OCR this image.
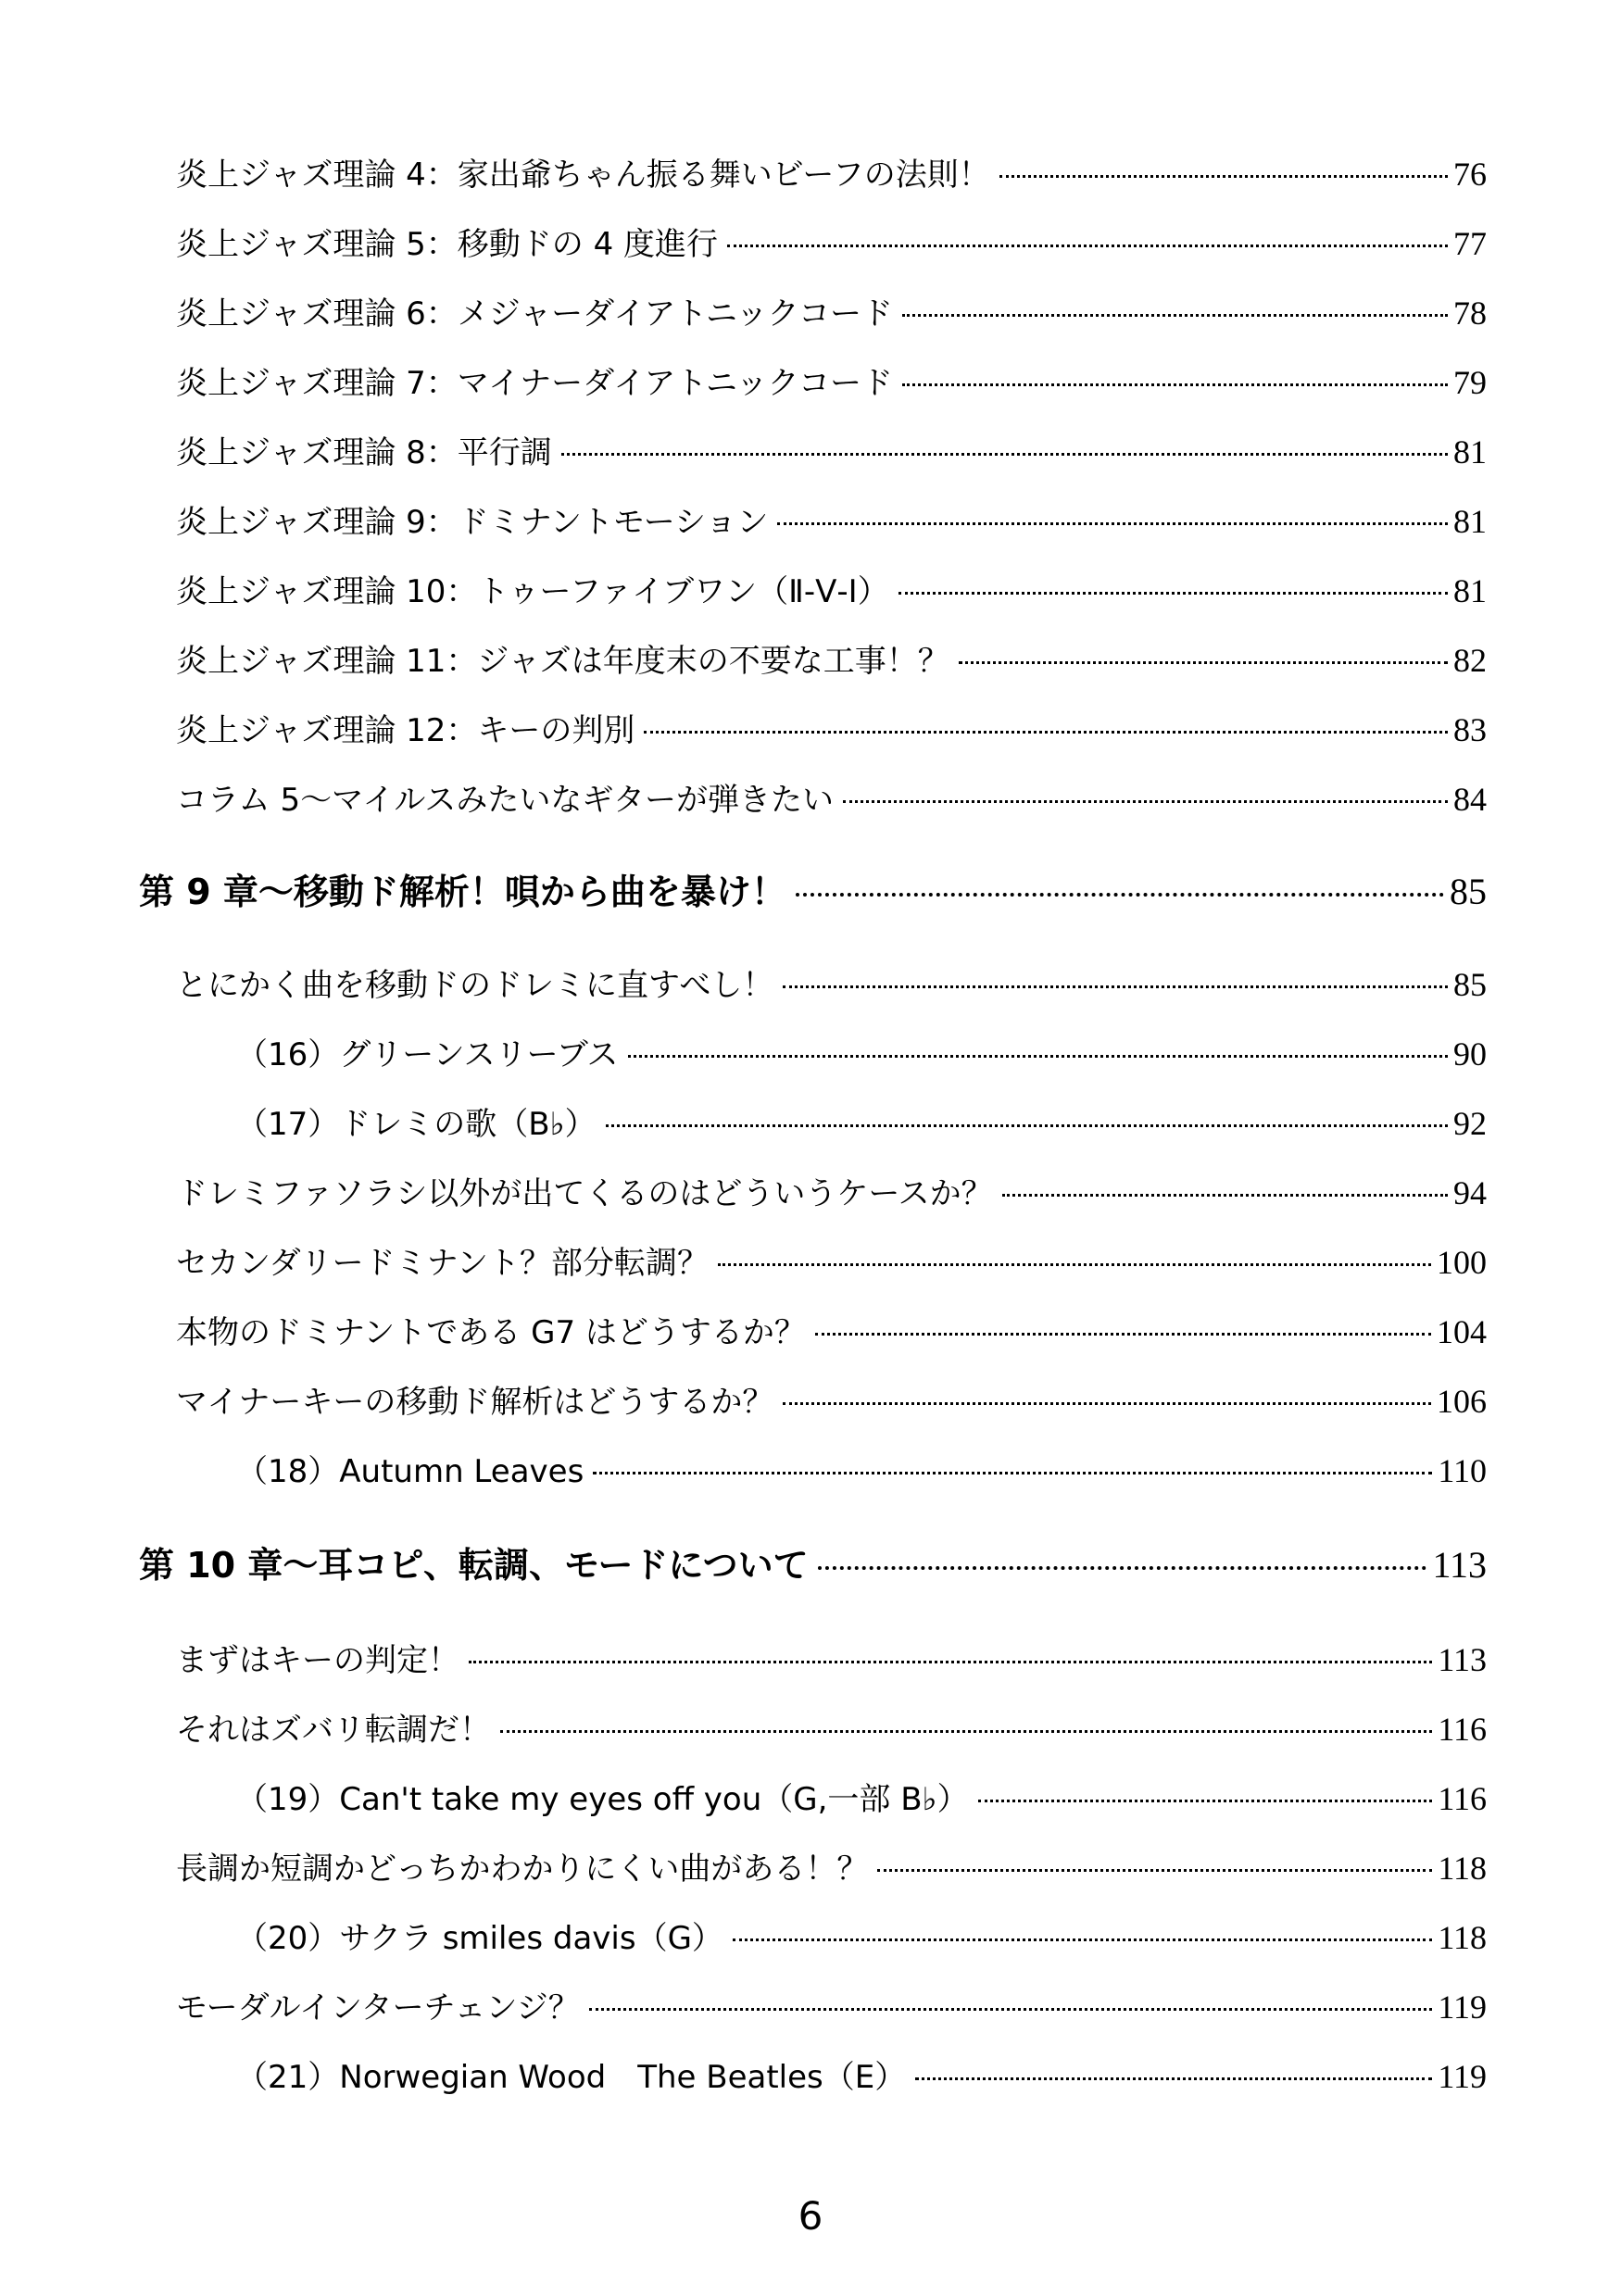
炎上ジャズ理論 4：家出爺ちゃん振る舞いビーフの法則！	76
炎上ジャズ理論 5：移動ドの 4 度進行	77
炎上ジャズ理論 6：メジャーダイアトニックコード	78
炎上ジャズ理論 7：マイナーダイアトニックコード	79
炎上ジャズ理論 8：平行調	81
炎上ジャズ理論 9：ドミナントモーション	81
炎上ジャズ理論 10：トゥーファイブワン（Ⅱ-Ⅴ-Ⅰ）	81
炎上ジャズ理論 11：ジャズは年度末の不要な工事！？	82
炎上ジャズ理論 12：キーの判別	83
コラム 5～マイルスみたいなギターが弾きたい	84
第 9 章～移動ド解析！唄から曲を暴け！	85
とにかく曲を移動ドのドレミに直すべし！	85
（16）グリーンスリーブス	90
（17）ドレミの歌（B♭）	92
ドレミファソラシ以外が出てくるのはどういうケースか？	94
セカンダリードミナント？部分転調？	100
本物のドミナントである G7 はどうするか？	104
マイナーキーの移動ド解析はどうするか？	106
（18）Autumn Leaves	110
第 10 章～耳コピ、転調、モードについて	113
まずはキーの判定！	113
それはズバリ転調だ！	116
（19）Can't take my eyes off you（G,一部 B♭）	116
長調か短調かどっちかわかりにくい曲がある！？	118
（20）サクラ smiles davis（G）	118
モーダルインターチェンジ？	119
（21）Norwegian Wood　The Beatles（E）	119
6
